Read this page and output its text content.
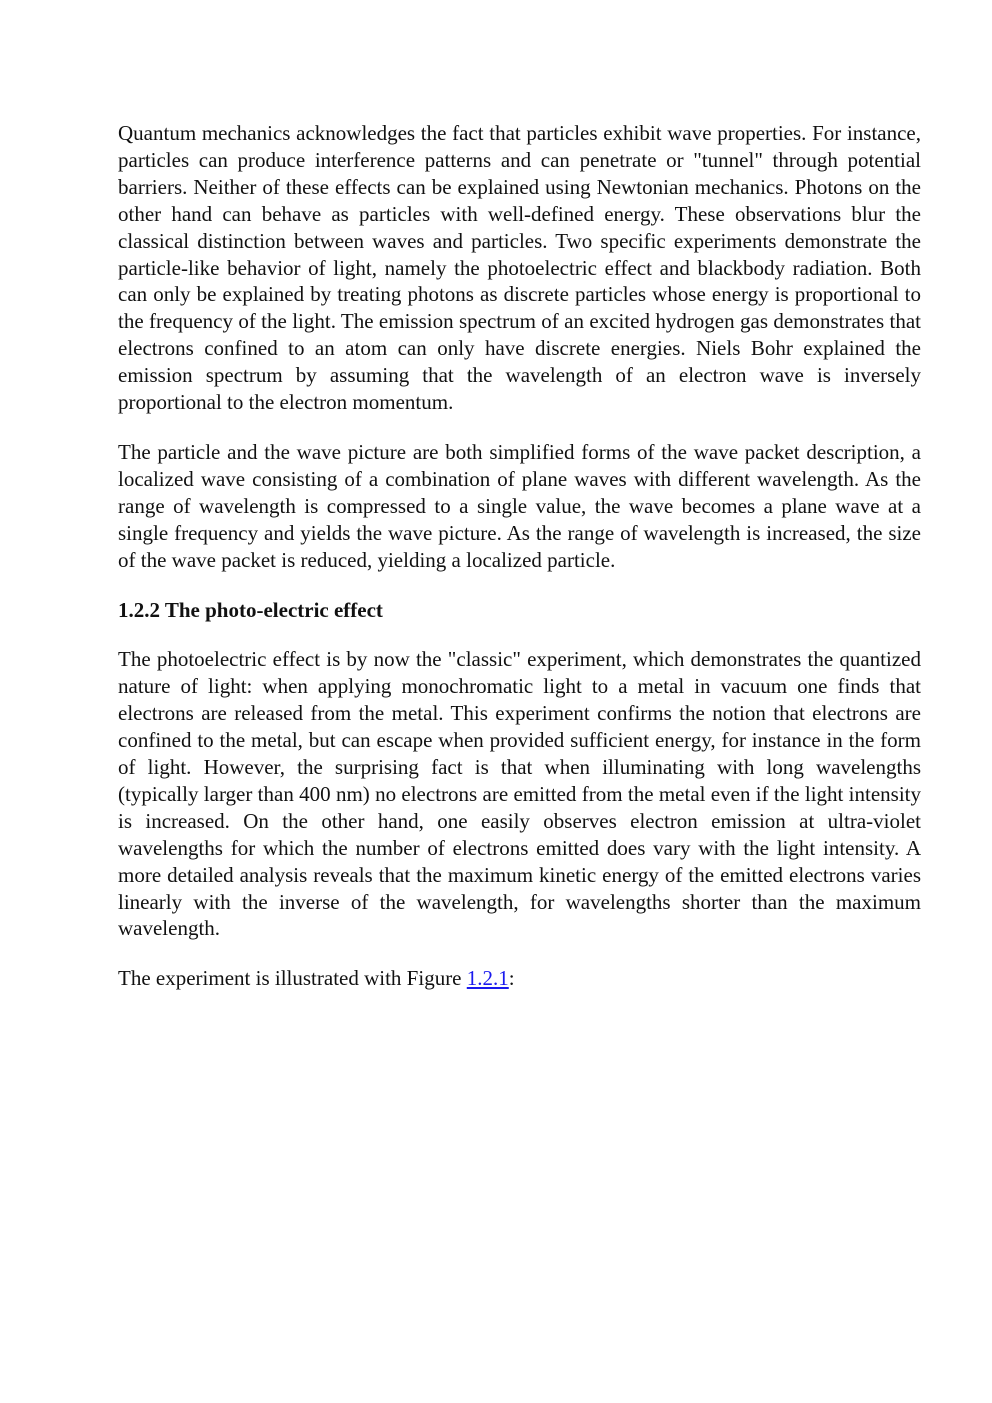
Quantum mechanics acknowledges the fact that particles exhibit wave properties. For instance, particles can produce interference patterns and can penetrate or "tunnel" through potential barriers. Neither of these effects can be explained using Newtonian mechanics. Photons on the other hand can behave as particles with well-defined energy. These observations blur the classical distinction between waves and particles. Two specific experiments demonstrate the particle-like behavior of light, namely the photoelectric effect and blackbody radiation. Both can only be explained by treating photons as discrete particles whose energy is proportional to the frequency of the light. The emission spectrum of an excited hydrogen gas demonstrates that electrons confined to an atom can only have discrete energies. Niels Bohr explained the emission spectrum by assuming that the wavelength of an electron wave is inversely proportional to the electron momentum.

The particle and the wave picture are both simplified forms of the wave packet description, a localized wave consisting of a combination of plane waves with different wavelength. As the range of wavelength is compressed to a single value, the wave becomes a plane wave at a single frequency and yields the wave picture. As the range of wavelength is increased, the size of the wave packet is reduced, yielding a localized particle.

1.2.2 The photo-electric effect

The photoelectric effect is by now the "classic" experiment, which demonstrates the quantized nature of light: when applying monochromatic light to a metal in vacuum one finds that electrons are released from the metal. This experiment confirms the notion that electrons are confined to the metal, but can escape when provided sufficient energy, for instance in the form of light. However, the surprising fact is that when illuminating with long wavelengths (typically larger than 400 nm) no electrons are emitted from the metal even if the light intensity is increased. On the other hand, one easily observes electron emission at ultra-violet wavelengths for which the number of electrons emitted does vary with the light intensity. A more detailed analysis reveals that the maximum kinetic energy of the emitted electrons varies linearly with the inverse of the wavelength, for wavelengths shorter than the maximum wavelength.

The experiment is illustrated with Figure 1.2.1:
